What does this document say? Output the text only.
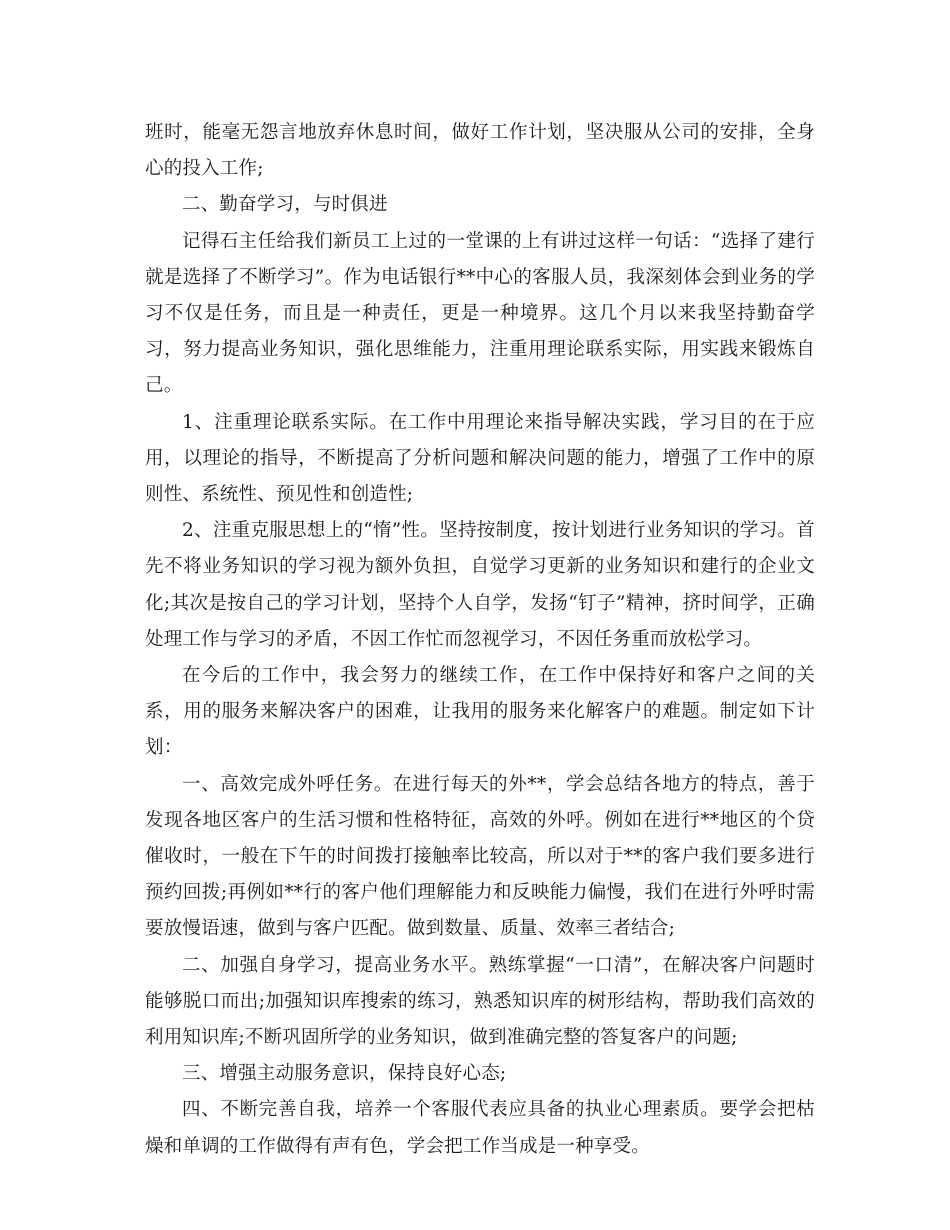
班时，能毫无怨言地放弃休息时间，做好工作计划，坚决服从公司的安排，全身心的投入工作;

二、勤奋学习，与时俱进

记得石主任给我们新员工上过的一堂课的上有讲过这样一句话：“选择了建行就是选择了不断学习”。作为电话银行**中心的客服人员，我深刻体会到业务的学习不仅是任务，而且是一种责任，更是一种境界。这几个月以来我坚持勤奋学习，努力提高业务知识，强化思维能力，注重用理论联系实际，用实践来锻炼自己。

1、注重理论联系实际。在工作中用理论来指导解决实践，学习目的在于应用，以理论的指导，不断提高了分析问题和解决问题的能力，增强了工作中的原则性、系统性、预见性和创造性;

2、注重克服思想上的“惰”性。坚持按制度，按计划进行业务知识的学习。首先不将业务知识的学习视为额外负担，自觉学习更新的业务知识和建行的企业文化;其次是按自己的学习计划，坚持个人自学，发扬“钉子”精神，挤时间学，正确处理工作与学习的矛盾，不因工作忙而忽视学习，不因任务重而放松学习。

在今后的工作中，我会努力的继续工作，在工作中保持好和客户之间的关系，用的服务来解决客户的困难，让我用的服务来化解客户的难题。制定如下计划：

一、高效完成外呼任务。在进行每天的外**，学会总结各地方的特点，善于发现各地区客户的生活习惯和性格特征，高效的外呼。例如在进行**地区的个贷催收时，一般在下午的时间拨打接触率比较高，所以对于**的客户我们要多进行预约回拨;再例如**行的客户他们理解能力和反映能力偏慢，我们在进行外呼时需要放慢语速，做到与客户匹配。做到数量、质量、效率三者结合;

二、加强自身学习，提高业务水平。熟练掌握“一口清”，在解决客户问题时能够脱口而出;加强知识库搜索的练习，熟悉知识库的树形结构，帮助我们高效的利用知识库;不断巩固所学的业务知识，做到准确完整的答复客户的问题;

三、增强主动服务意识，保持良好心态;

四、不断完善自我，培养一个客服代表应具备的执业心理素质。要学会把枯燥和单调的工作做得有声有色，学会把工作当成是一种享受。
